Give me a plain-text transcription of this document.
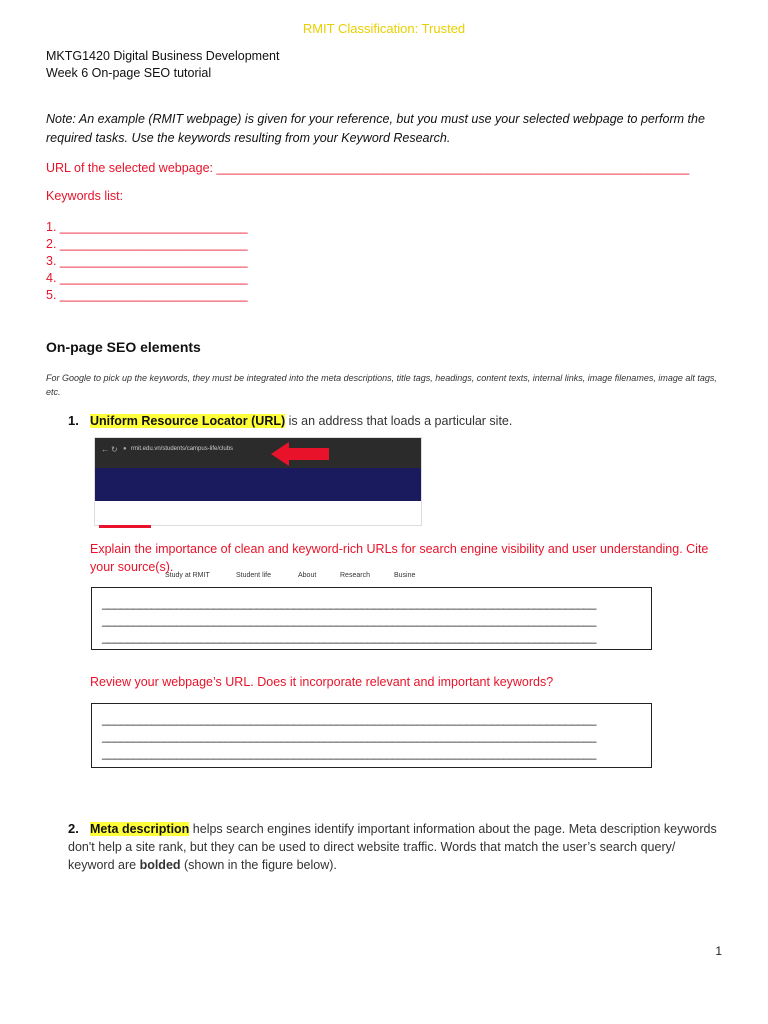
RMIT Classification: Trusted
MKTG1420 Digital Business Development
Week 6 On-page SEO tutorial
Note: An example (RMIT webpage) is given for your reference, but you must use your selected webpage to perform the required tasks. Use the keywords resulting from your Keyword Research.
URL of the selected webpage: ____________________________________________________________________
Keywords list:
1. ___________________________
2. ___________________________
3. ___________________________
4. ___________________________
5. ___________________________
On-page SEO elements
For Google to pick up the keywords, they must be integrated into the meta descriptions, title tags, headings, content texts, internal links, image filenames, image alt tags, etc.
1. Uniform Resource Locator (URL) is an address that loads a particular site.
← ↻ ● rmit.edu.vn/students/campus-life/clubs
Study at RMIT	Student life	About	Research	Busine
Explain the importance of clean and keyword-rich URLs for search engine visibility and user understanding. Cite your source(s).
________________________________________________________________________________
________________________________________________________________________________
________________________________________________________________________________
Review your webpage’s URL. Does it incorporate relevant and important keywords?
________________________________________________________________________________
________________________________________________________________________________
________________________________________________________________________________
2. Meta description helps search engines identify important information about the page. Meta description keywords don't help a site rank, but they can be used to direct website traffic. Words that match the user’s search query/ keyword are bolded (shown in the figure below).
1
